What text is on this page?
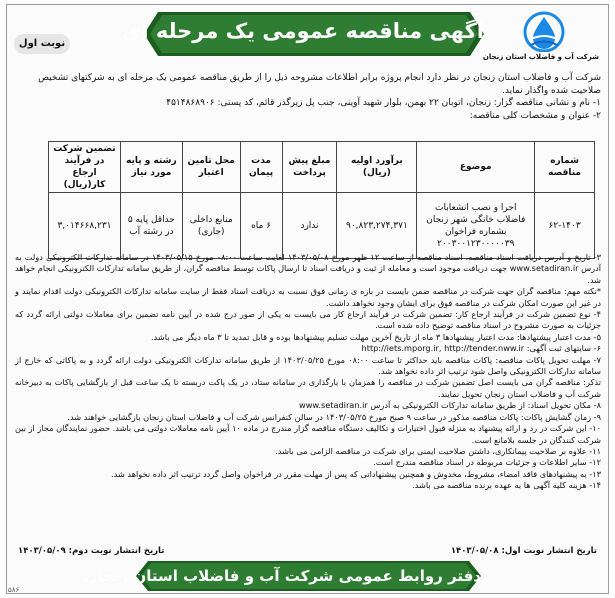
شرکت آب و فاضلاب استان زنجان
آگهی مناقصه عمومی یک مرحله ای
نوبت اول

شرکت آب و فاضلاب استان زنجان در نظر دارد انجام پروژه برابر اطلاعات مشروحه ذیل را از طریق مناقصه عمومی یک مرحله ای به شرکتهای تشخیص صلاحیت شده واگذار نماید.

۱- نام و نشانی مناقصه گزار: زنجان، اتوبان ۲۲ بهمن، بلوار شهید آوینی، جنب پل زیرگذر قائم، کد پستی: ۴۵۱۴۸۶۸۹۰۶

۲- عنوان و مشخصات کلی مناقصه:

شماره مناقصه	موضوع	برآورد اولیه (ریال)	مبلغ پیش پرداخت	مدت پیمان	محل تامین اعتبار	رشته و پایه مورد نیاز	تضمین شرکت در فرآیند ارجاع کار(ریال)
۶۲-۱۴۰۳	اجرا و نصب انشعابات فاضلاب خانگی شهر زنجان بشماره فراخوان ۲۰۰۳۰۰۱۲۳۰۰۰۰۰۳۹	۹۰,۸۲۳,۲۷۴,۳۷۱	ندارد	۶ ماه	منابع داخلی (جاری)	حداقل پایه ۵ در رشته آب	۳,۰۱۴۶۶۸,۲۳۱

۳- تاریخ و آدرس دریافت اسناد مناقصه، اسناد مناقصه از ساعت ۱۲ ظهر مورخ ۱۴۰۳/۰۵/۰۸ لغایت ساعت ۰۸:۰۰ مورخ ۱۴۰۳/۰۵/۱۵ در سامانه تدارکات الکترونیکی دولت به آدرس www.setadiran.ir جهت دریافت موجود است و معامله از ثبت و دریافت اسناد تا ارسال پاکات توسط مناقصه گران، از طریق سامانه تدارکات الکترونیکی انجام خواهد شد.

*نکته مهم: مناقصه گران جهت شرکت در مناقصه ضمن بایست در بازه ی زمانی فوق نسبت به دریافت اسناد فقط از سایت سامانه تدارکات الکترونیکی دولت اقدام نمایند و در غیر این صورت امکان شرکت در مناقصه فوق برای ایشان وجود نخواهد داشت.

۴- نوع تضمین شرکت در فرآیند ارجاع کار: تضمین شرکت در فرآیند ارجاع کار می بایست به یکی از صور درج شده در آیین نامه تضمین برای معاملات دولتی ارائه گردد که جزئیات به صورت مشروح در اسناد مناقصه توضیح داده شده است.

۵- مدت اعتبار پیشنهادها: مدت اعتبار پیشنهادها ۳ ماه از تاریخ آخرین مهلت تسلیم پیشنهادها بوده و قابل تمدید تا ۳ ماه دیگر می باشد.

۶- سایتهای ثبت آگهی: http://iets.mporg.ir, http://tender.nww.ir

۷- مهلت تحویل پاکات مناقصه: پاکات مناقصه باید حداکثر تا ساعت ۰۸:۰۰ مورخ ۱۴۰۳/۰۵/۲۵ از طریق سامانه تدارکات الکترونیکی دولت ارائه گردد و به پاکاتی که خارج از سامانه تدارکات الکترونیکی واصل شود ترتیب اثر داده نخواهد شد.

تذکر: مناقصه گران می بایست اصل تضمین شرکت در مناقصه را همزمان با بارگذاری در سامانه ستاد، در یک پاکت دربسته تا یک ساعت قبل از بازگشایی پاکات به دبیرخانه شرکت آب و فاضلاب استان زنجان تحویل نمایند.

۸- مکان تحویل اسناد: از طریق سامانه تدارکات الکترونیکی به آدرس www.setadiran.ir

۹- زمان گشایش پاکات: پاکات مناقصه مذکور در ساعت ۹ صبح مورخ ۱۴۰۳/۰۵/۲۵ در سالن کنفرانس شرکت آب و فاضلاب استان زنجان بازگشایی خواهند شد.

۱۰- این شرکت در رد و ارائه پیشنهاد به منزله قبول اختیارات و تکالیف دستگاه مناقصه گزار مندرج در ماده ۱۰ آیین نامه معاملات دولتی می باشد. حضور نمایندگان مجاز از بین شرکت کنندگان در جلسه بلامانع است.

۱۱- علاوه بر صلاحیت پیمانکاری، داشتن صلاحیت ایمنی برای شرکت در مناقصه الزامی می باشد.

۱۲- سایر اطلاعات و جزئیات مربوطه در اسناد مناقصه مندرج است.

۱۳- به پیشنهادهای فاقد امضاء، مشروط، مخدوش و همچنین پیشنهاداتی که پس از مهلت مقرر در فراخوان واصل گردد ترتیب اثر داده نخواهد شد.

۱۴- هزینه کلیه آگهی ها به عهده برنده مناقصه می باشد.

تاریخ انتشار نوبت اول: ۱۴۰۳/۰۵/۰۸
تاریخ انتشار نوبت دوم: ۱۴۰۳/۰۵/۰۹
دفتر روابط عمومی شرکت آب و فاضلاب استان زنجان
۵۸۶
